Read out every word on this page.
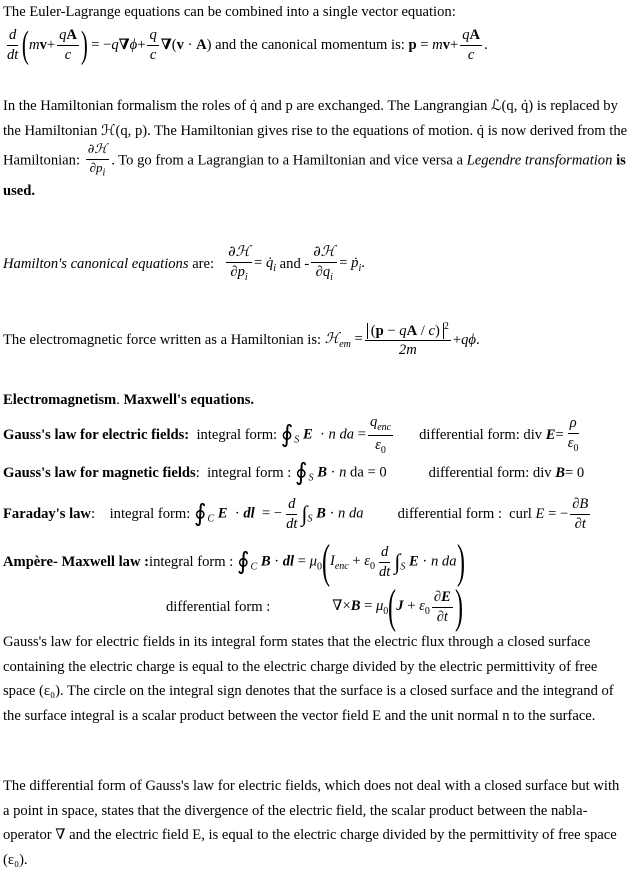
The Euler-Lagrange equations can be combined into a single vector equation:
$\frac{d}{dt}$ ( m $v + \frac{qA}{c}$ ) = $-q\nabla\phi+ \frac{q}{c} \nabla(v \cdot A)$ and the canonical momentum is: $p = mv+ \frac{qA}{c}$ .
In the Hamiltonian formalism the roles of q̇ and p are exchanged. The Langrangian ℒ(q, q̇) is replaced by the Hamiltonian ℋ(q, p). The Hamiltonian gives rise to the equations of motion. q̇ is now derived from the Hamiltonian: $\frac{\text{∂ℋ}}{\partial p_i}$ . To go from a Lagrangian to a Hamiltonian and vice versa a Legendre transformation is used.
Hamilton's canonical equations
are: $\frac{\text{∂ℋ}}{\partial p_i}$ = $q̇_i$ and - $\frac{\text{∂ℋ}}{\partial q_i}$ = ṗ$_i$.
The electromagnetic force written as a Hamiltonian is: ℋ$_{em}$ = $\frac{(p - qA / c) ^2}{2m} +q\phi$.
Electromagnetism. Maxwell's equations.
Gauss's law for electric fields:
integral form: $∮_S$ E  · n da = $\frac{q_{enc}}{\varepsilon_0}$ differential form: div $E= \frac{\rho}{\varepsilon_0}$
Gauss's law for magnetic fields : integral form : $∮_S$ B · n da = 0	differential form: div B= 0
Faraday's law : integral form: $∮_C$ E  · dl  = − $\frac{d}{dt} \int_S$ B · n da differential form : curl E = − $\frac{\partial B}{\partial t}$
Ampère- Maxwell law : integral form : $∮_C$ B · dl = $\mu_0$ ( $I_{enc} + \varepsilon_0 \frac{d}{dt} \int_S$ E · n da )
differential form :	$\nabla\times B = \mu_0$ ( $J + \varepsilon_0 \frac{\partial E}{\partial t}$ )
Gauss's law for electric fields in its integral form states that the electric flux through a closed surface containing the electric charge is equal to the electric charge divided by the electric permittivity of free space (ε₀). The circle on the integral sign denotes that the surface is a closed surface and the integrand of the surface integral is a scalar product between the vector field E and the unit normal n to the surface.
The differential form of Gauss's law for electric fields, which does not deal with a closed surface but with a point in space, states that the divergence of the electric field, the scalar product between the nabla-operator ∇ and the electric field E, is equal to the electric charge divided by the permittivity of free space (ε₀).
